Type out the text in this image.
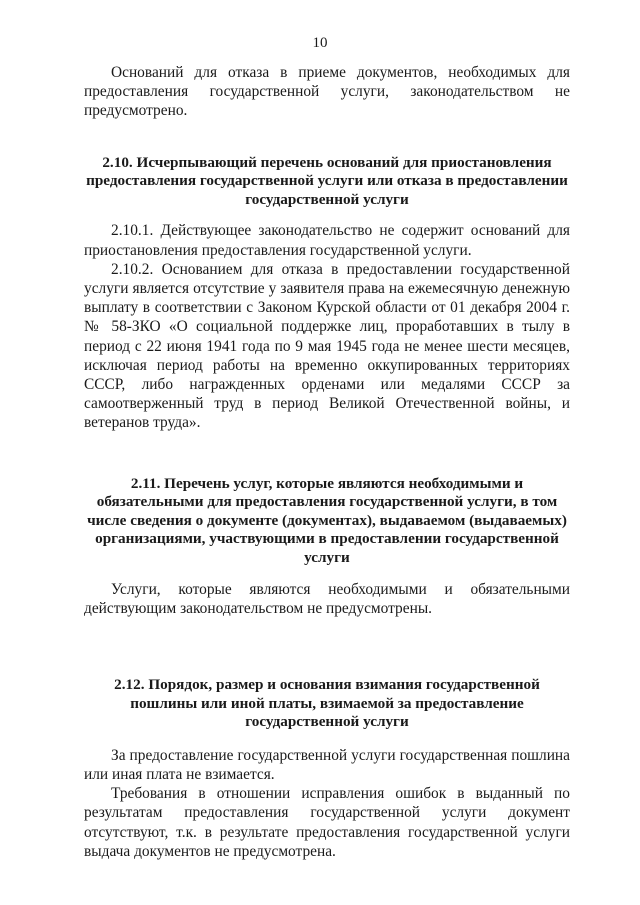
10

Оснований для отказа в приеме документов, необходимых для предоставления государственной услуги, законодательством не предусмотрено.

2.10. Исчерпывающий перечень оснований для приостановления
предоставления государственной услуги или отказа в предоставлении
государственной услуги

2.10.1. Действующее законодательство не содержит оснований для приостановления предоставления государственной услуги.

2.10.2. Основанием для отказа в предоставлении государственной услуги является отсутствие у заявителя права на ежемесячную денежную выплату в соответствии с Законом Курской области от 01 декабря 2004 г. № 58-ЗКО «О социальной поддержке лиц, проработавших в тылу в период с 22 июня 1941 года по 9 мая 1945 года не менее шести месяцев, исключая период работы на временно оккупированных территориях СССР, либо награжденных орденами или медалями СССР за самоотверженный труд в период Великой Отечественной войны, и ветеранов труда».

2.11. Перечень услуг, которые являются необходимыми и
обязательными для предоставления государственной услуги, в том
числе сведения о документе (документах), выдаваемом (выдаваемых)
организациями, участвующими в предоставлении государственной
услуги

Услуги, которые являются необходимыми и обязательными действующим законодательством не предусмотрены.

2.12. Порядок, размер и основания взимания государственной
пошлины или иной платы, взимаемой за предоставление
государственной услуги

За предоставление государственной услуги государственная пошлина или иная плата не взимается.

Требования в отношении исправления ошибок в выданный по результатам предоставления государственной услуги документ отсутствуют, т.к. в результате предоставления государственной услуги выдача документов не предусмотрена.
